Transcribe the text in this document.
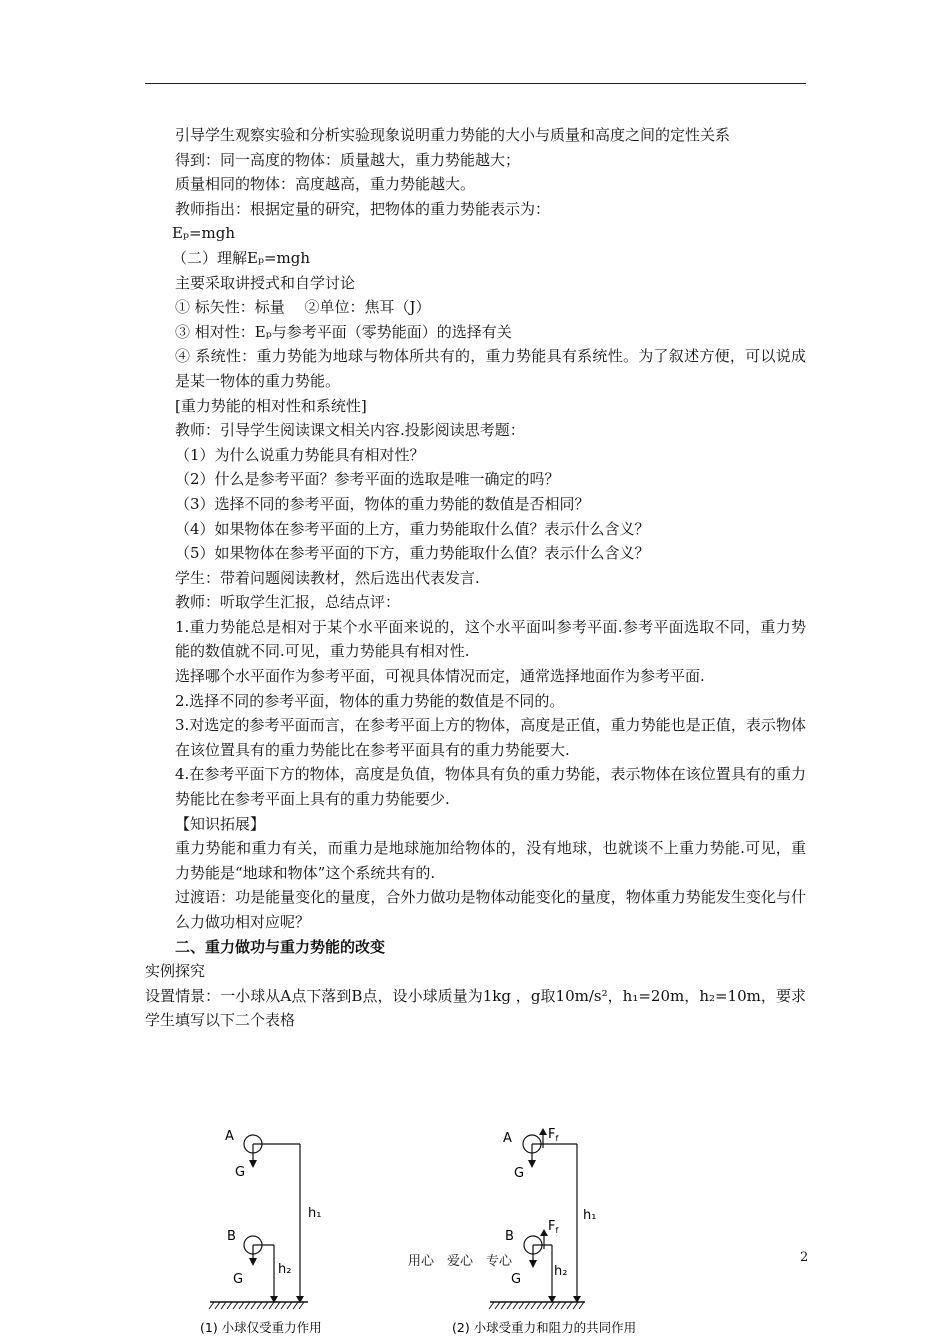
引导学生观察实验和分析实验现象说明重力势能的大小与质量和高度之间的定性关系

得到：同一高度的物体：质量越大，重力势能越大；

质量相同的物体：高度越高，重力势能越大。

教师指出：根据定量的研究，把物体的重力势能表示为：

Eₚ=mgh

（二）理解Eₚ=mgh

主要采取讲授式和自学讨论

① 标矢性：标量　 ②单位：焦耳（J）

③ 相对性：Eₚ与参考平面（零势能面）的选择有关

④ 系统性：重力势能为地球与物体所共有的，重力势能具有系统性。为了叙述方便，可以说成是某一物体的重力势能。

[重力势能的相对性和系统性]

教师：引导学生阅读课文相关内容.投影阅读思考题：

（1）为什么说重力势能具有相对性？

（2）什么是参考平面？参考平面的选取是唯一确定的吗？

（3）选择不同的参考平面，物体的重力势能的数值是否相同？

（4）如果物体在参考平面的上方，重力势能取什么值？表示什么含义？

（5）如果物体在参考平面的下方，重力势能取什么值？表示什么含义？

学生：带着问题阅读教材，然后选出代表发言.

教师：听取学生汇报，总结点评：

1.重力势能总是相对于某个水平面来说的，这个水平面叫参考平面.参考平面选取不同，重力势能的数值就不同.可见，重力势能具有相对性.

选择哪个水平面作为参考平面，可视具体情况而定，通常选择地面作为参考平面.

2.选择不同的参考平面，物体的重力势能的数值是不同的。

3.对选定的参考平面而言，在参考平面上方的物体，高度是正值，重力势能也是正值，表示物体在该位置具有的重力势能比在参考平面具有的重力势能要大.

4.在参考平面下方的物体，高度是负值，物体具有负的重力势能，表示物体在该位置具有的重力势能比在参考平面上具有的重力势能要少.

【知识拓展】

重力势能和重力有关，而重力是地球施加给物体的，没有地球，也就谈不上重力势能.可见，重力势能是“地球和物体”这个系统共有的.

过渡语：功是能量变化的量度，合外力做功是物体动能变化的量度，物体重力势能发生变化与什么力做功相对应呢？

二、重力做功与重力势能的改变

实例探究

设置情景：一小球从A点下落到B点，设小球质量为1kg ，g取10m/s²，h₁=20m，h₂=10m，要求学生填写以下二个表格

A
G
h₁
B
G
h₂
(1) 小球仅受重力作用
A
G
$F_f$
h₁
B
G
$F_f$
h₂
(2) 小球受重力和阻力的共同作用
用心　爱心　专心	2
